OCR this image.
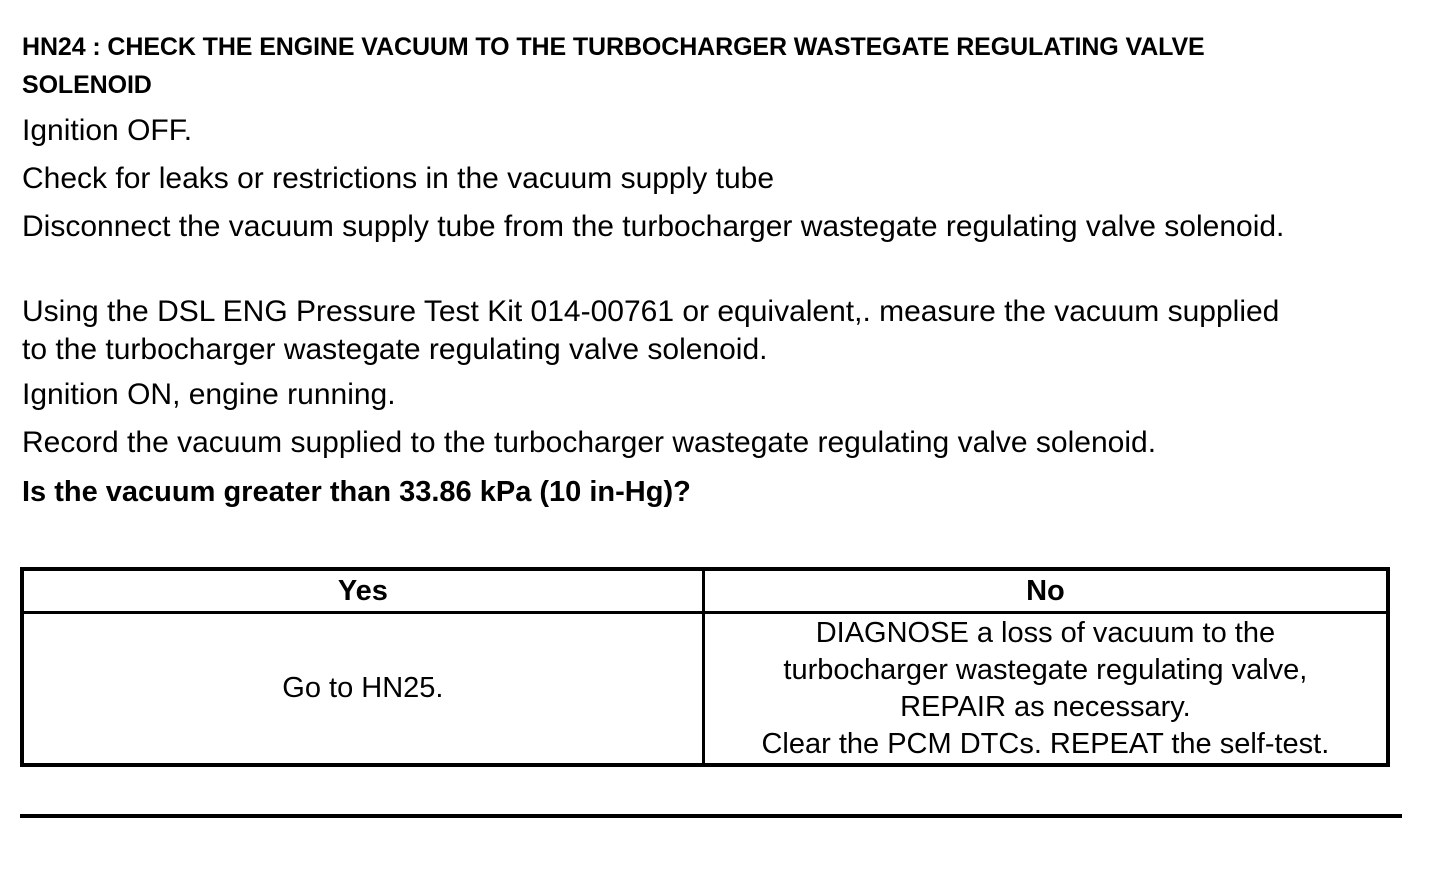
HN24 : CHECK THE ENGINE VACUUM TO THE TURBOCHARGER WASTEGATE REGULATING VALVE
SOLENOID
Ignition OFF.
Check for leaks or restrictions in the vacuum supply tube
Disconnect the vacuum supply tube from the turbocharger wastegate regulating valve solenoid.
Using the DSL ENG Pressure Test Kit 014-00761 or equivalent,. measure the vacuum supplied to the turbocharger wastegate regulating valve solenoid.
Ignition ON, engine running.
Record the vacuum supplied to the turbocharger wastegate regulating valve solenoid.
Is the vacuum greater than 33.86 kPa (10 in-Hg)?
Yes	No
Go to HN25.	DIAGNOSE a loss of vacuum to the
turbocharger wastegate regulating valve,
REPAIR as necessary.
Clear the PCM DTCs. REPEAT the self-test.
